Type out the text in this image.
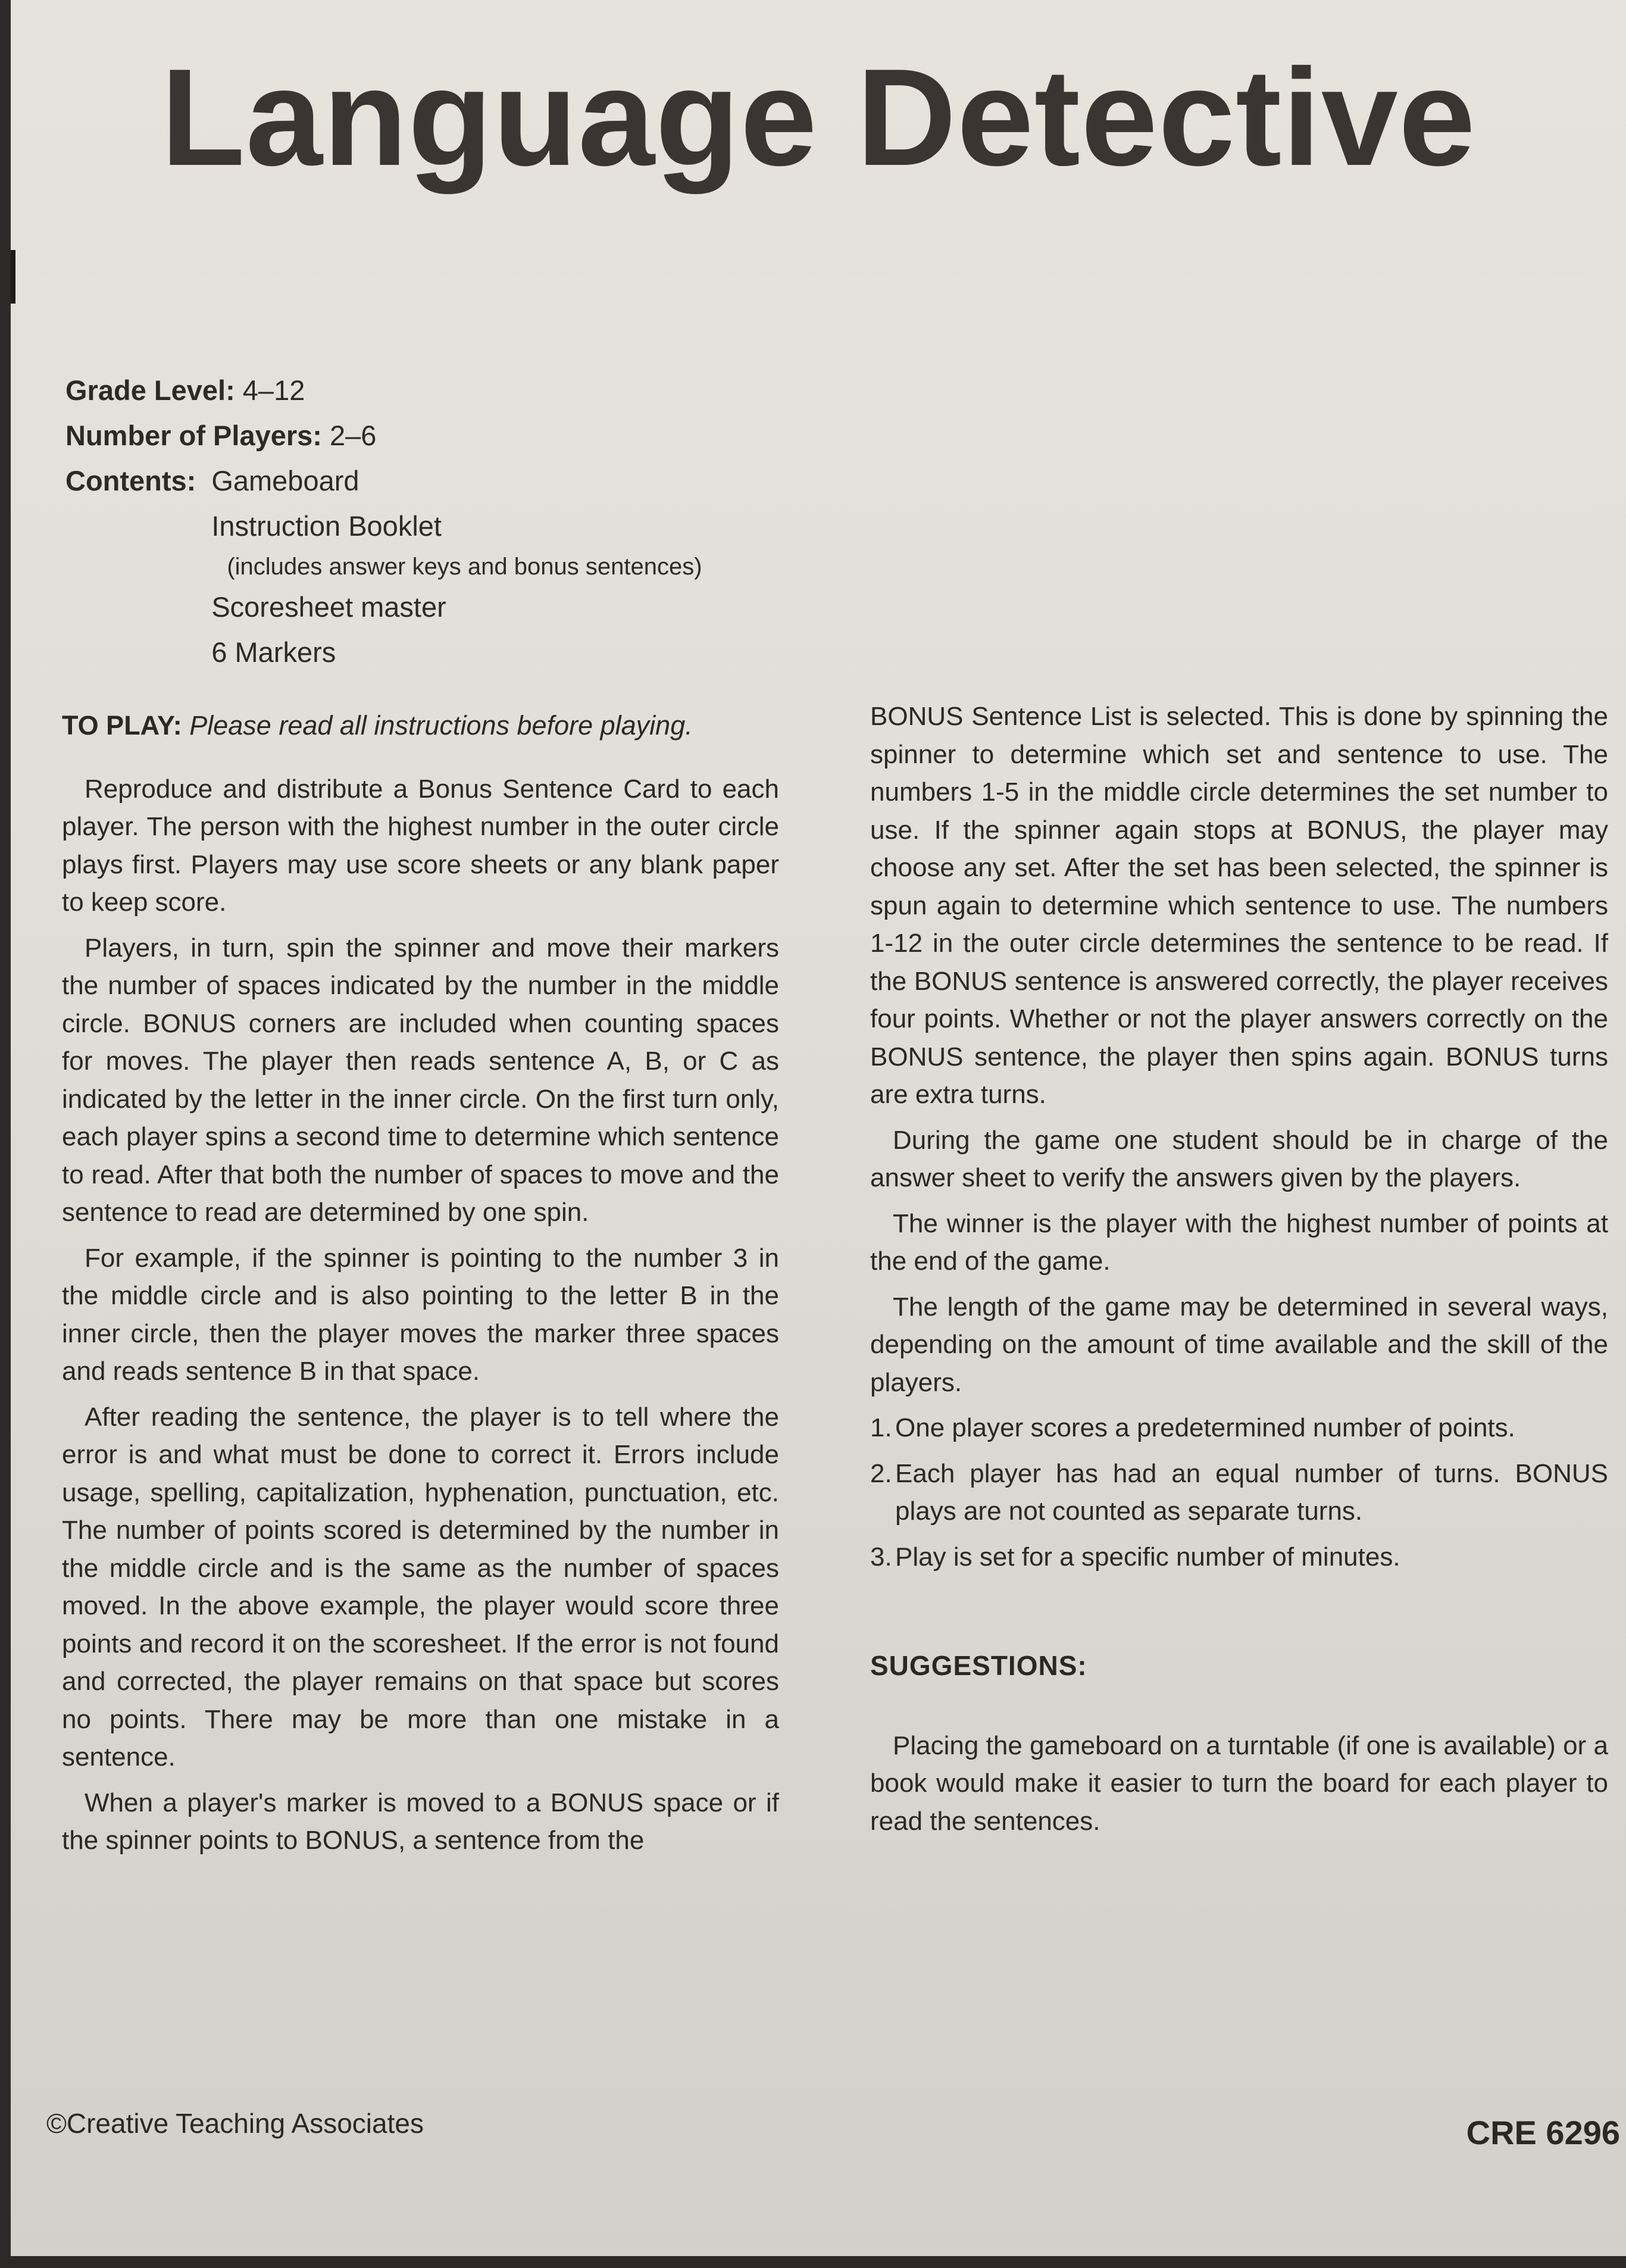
Language Detective
Grade Level: 4–12
Number of Players: 2–6
Contents: Gameboard
Instruction Booklet
(includes answer keys and bonus sentences)
Scoresheet master
6 Markers
TO PLAY: Please read all instructions before playing.

Reproduce and distribute a Bonus Sentence Card to each player. The person with the highest number in the outer circle plays first. Players may use score sheets or any blank paper to keep score.

Players, in turn, spin the spinner and move their markers the number of spaces indicated by the number in the middle circle. BONUS corners are included when counting spaces for moves. The player then reads sentence A, B, or C as indicated by the letter in the inner circle. On the first turn only, each player spins a second time to determine which sentence to read. After that both the number of spaces to move and the sentence to read are determined by one spin.

For example, if the spinner is pointing to the number 3 in the middle circle and is also pointing to the letter B in the inner circle, then the player moves the marker three spaces and reads sentence B in that space.

After reading the sentence, the player is to tell where the error is and what must be done to correct it. Errors include usage, spelling, capitalization, hyphenation, punctuation, etc. The number of points scored is determined by the number in the middle circle and is the same as the number of spaces moved. In the above example, the player would score three points and record it on the scoresheet. If the error is not found and corrected, the player remains on that space but scores no points. There may be more than one mistake in a sentence.

When a player's marker is moved to a BONUS space or if the spinner points to BONUS, a sentence from the

BONUS Sentence List is selected. This is done by spinning the spinner to determine which set and sentence to use. The numbers 1-5 in the middle circle determines the set number to use. If the spinner again stops at BONUS, the player may choose any set. After the set has been selected, the spinner is spun again to determine which sentence to use. The numbers 1-12 in the outer circle determines the sentence to be read. If the BONUS sentence is answered correctly, the player receives four points. Whether or not the player answers correctly on the BONUS sentence, the player then spins again. BONUS turns are extra turns.

During the game one student should be in charge of the answer sheet to verify the answers given by the players.

The winner is the player with the highest number of points at the end of the game.

The length of the game may be determined in several ways, depending on the amount of time available and the skill of the players.

1. One player scores a predetermined number of points.
2. Each player has had an equal number of turns. BONUS plays are not counted as separate turns.
3. Play is set for a specific number of minutes.
SUGGESTIONS:

Placing the gameboard on a turntable (if one is available) or a book would make it easier to turn the board for each player to read the sentences.

©Creative Teaching Associates	CRE 6296
